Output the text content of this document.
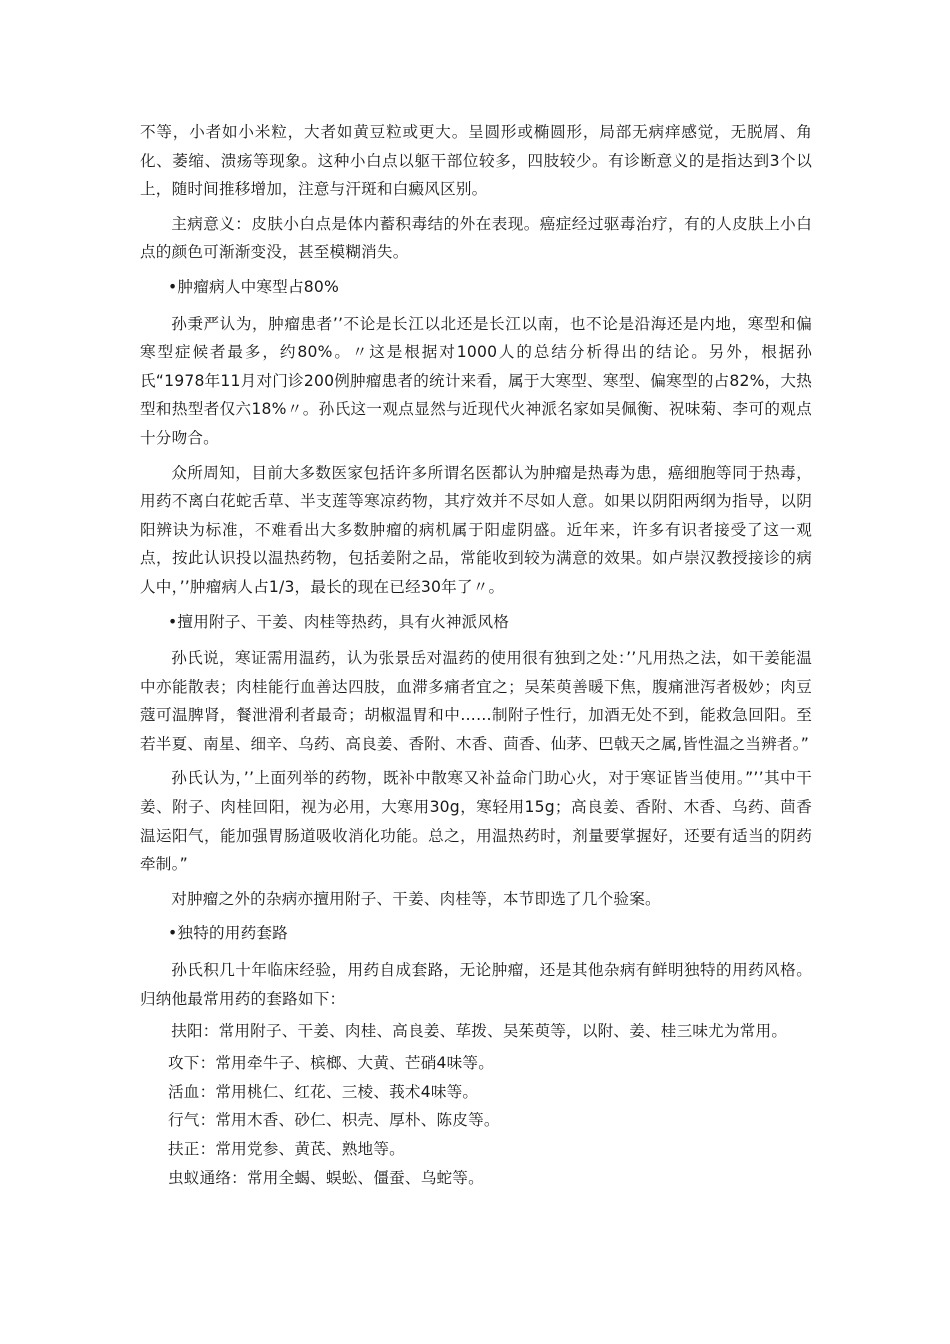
不等，小者如小米粒，大者如黄豆粒或更大。呈圆形或椭圆形，局部无病痒感觉，无脱屑、角化、萎缩、溃疡等现象。这种小白点以躯干部位较多，四肢较少。有诊断意义的是指达到3个以上，随时间推移增加，注意与汗斑和白癜风区别。

主病意义：皮肤小白点是体内蓄积毒结的外在表现。癌症经过驱毒治疗，有的人皮肤上小白点的颜色可渐渐变没，甚至模糊消失。

•肿瘤病人中寒型占80%

孙秉严认为，肿瘤患者’’不论是长江以北还是长江以南，也不论是沿海还是内地，寒型和偏寒型症候者最多，约80%。〃这是根据对1000人的总结分析得出的结论。另外，根据孙氏“1978年11月对门诊200例肿瘤患者的统计来看，属于大寒型、寒型、偏寒型的占82%，大热型和热型者仅六18%〃。孙氏这一观点显然与近现代火神派名家如吴佩衡、祝味菊、李可的观点十分吻合。

众所周知，目前大多数医家包括许多所谓名医都认为肿瘤是热毒为患，癌细胞等同于热毒，用药不离白花蛇舌草、半支莲等寒凉药物，其疗效并不尽如人意。如果以阴阳两纲为指导，以阴阳辨诀为标准，不难看出大多数肿瘤的病机属于阳虚阴盛。近年来，许多有识者接受了这一观点，按此认识投以温热药物，包括姜附之品，常能收到较为满意的效果。如卢崇汉教授接诊的病人中，’’肿瘤病人占1/3，最长的现在已经30年了〃。

•擅用附子、干姜、肉桂等热药，具有火神派风格

孙氏说，寒证需用温药，认为张景岳对温药的使用很有独到之处：’’凡用热之法，如干姜能温中亦能散表；肉桂能行血善达四肢，血滞多痛者宜之；吴茱萸善暖下焦，腹痛泄泻者极妙；肉豆蔻可温脾肾，餐泄滑利者最奇；胡椒温胃和中……制附子性行，加酒无处不到，能救急回阳。至若半夏、南星、细辛、乌药、高良姜、香附、木香、茴香、仙茅、巴戟天之属,皆性温之当辨者。”

孙氏认为，’’上面列举的药物，既补中散寒又补益命门助心火，对于寒证皆当使用。”’’其中干姜、附子、肉桂回阳，视为必用，大寒用30g，寒轻用15g；高良姜、香附、木香、乌药、茴香温运阳气，能加强胃肠道吸收消化功能。总之，用温热药时，剂量要掌握好，还要有适当的阴药牵制。”

对肿瘤之外的杂病亦擅用附子、干姜、肉桂等，本节即选了几个验案。

•独特的用药套路

孙氏积几十年临床经验，用药自成套路，无论肿瘤，还是其他杂病有鲜明独特的用药风格。归纳他最常用药的套路如下：

扶阳：常用附子、干姜、肉桂、高良姜、荜拨、吴茱萸等，以附、姜、桂三味尤为常用。

攻下：常用牵牛子、槟榔、大黄、芒硝4味等。

活血：常用桃仁、红花、三棱、莪术4味等。

行气：常用木香、砂仁、枳壳、厚朴、陈皮等。

扶正：常用党参、黄芪、熟地等。

虫蚁通络：常用全蝎、蜈蚣、僵蚕、乌蛇等。
